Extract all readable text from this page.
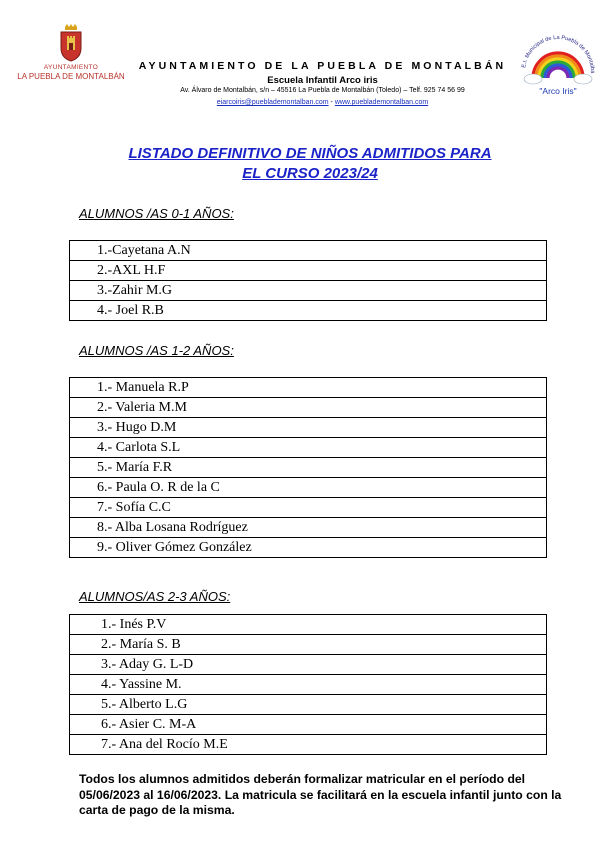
AYUNTAMIENTO
LA PUEBLA DE MONTALBÁN
AYUNTAMIENTO DE LA PUEBLA DE MONTALBÁN
Escuela Infantil Arco iris
Av. Álvaro de Montalbán, s/n – 45516 La Puebla de Montalbán (Toledo) – Telf. 925 74 56 99
eiarcoiris@pueblademontalban.com - www.pueblademontalban.com
E.I. Municipal de La Puebla de Montalbá
"Arco Iris"
LISTADO DEFINITIVO DE NIÑOS ADMITIDOS PARA
EL CURSO 2023/24
ALUMNOS /AS 0-1 AÑOS:
1.-Cayetana A.N
2.-AXL H.F
3.-Zahir M.G
4.- Joel R.B
ALUMNOS /AS 1-2 AÑOS:
1.- Manuela R.P
2.- Valeria M.M
3.- Hugo D.M
4.- Carlota S.L
5.- María F.R
6.- Paula O. R de la C
7.- Sofía C.C
8.- Alba Losana Rodríguez
9.- Oliver Gómez González
ALUMNOS/AS 2-3 AÑOS:
1.- Inés P.V
2.- María S. B
3.- Aday G. L-D
4.- Yassine M.
5.- Alberto L.G
6.- Asier C. M-A
7.- Ana del Rocío M.E
Todos los alumnos admitidos deberán formalizar matricular en el período del 05/06/2023 al 16/06/2023. La matricula se facilitará en la escuela infantil junto con la carta de pago de la misma.
